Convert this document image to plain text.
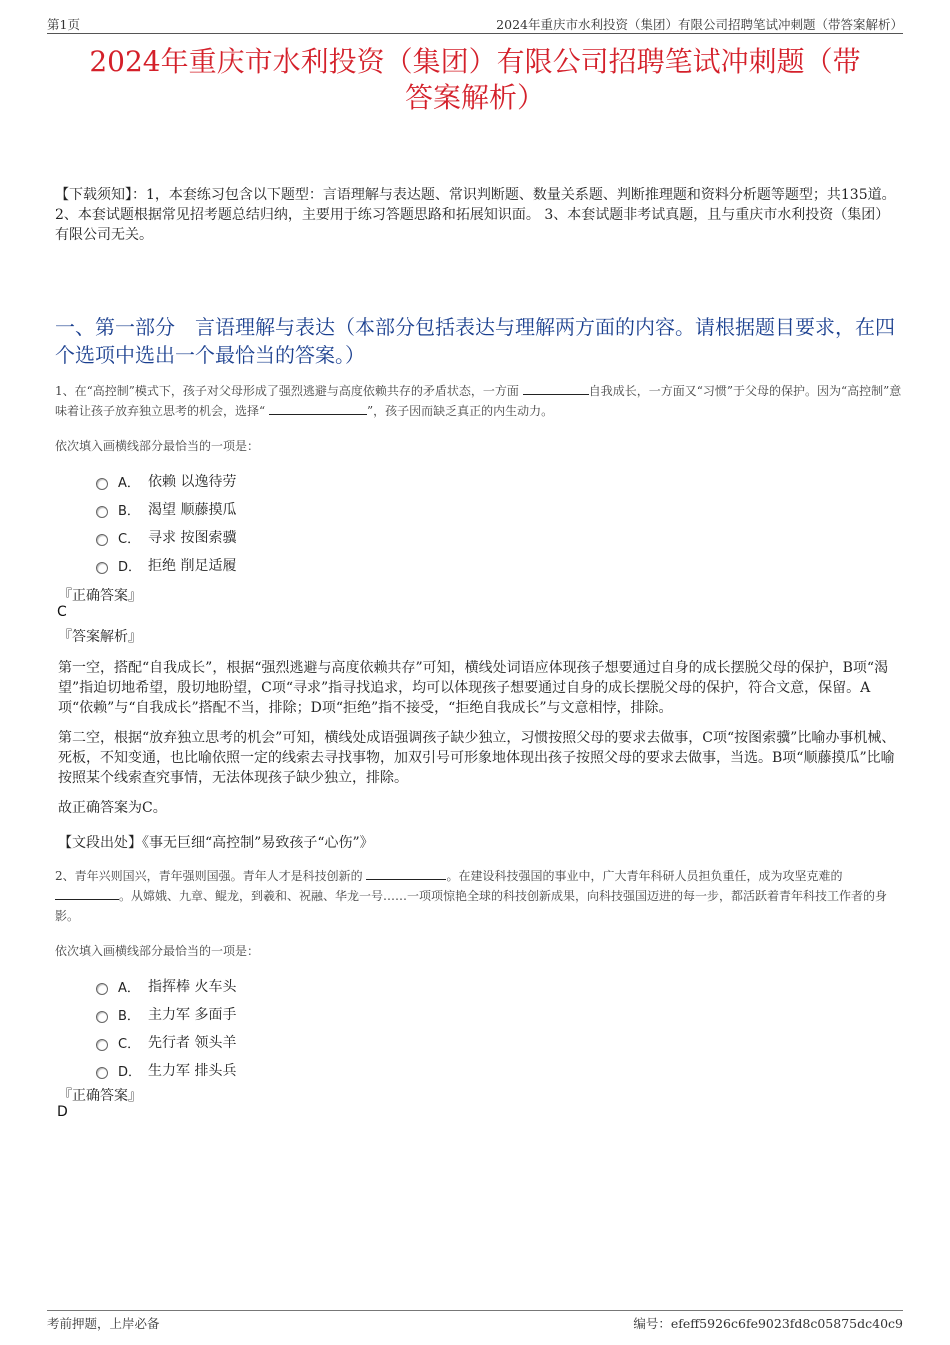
第1页	2024年重庆市水利投资（集团）有限公司招聘笔试冲刺题（带答案解析）
2024年重庆市水利投资（集团）有限公司招聘笔试冲刺题（带
答案解析）
【下载须知】：1，本套练习包含以下题型：言语理解与表达题、常识判断题、数量关系题、判断推理题和资料分析题等题型；共135道。 2、本套试题根据常见招考题总结归纳，主要用于练习答题思路和拓展知识面。 3、本套试题非考试真题，且与重庆市水利投资（集团）有限公司无关。
一、第一部分　言语理解与表达（本部分包括表达与理解两方面的内容。请根据题目要求，在四个选项中选出一个最恰当的答案。）
1、在“高控制”模式下，孩子对父母形成了强烈逃避与高度依赖共存的矛盾状态，一方面	自我成长，一方面又“习惯”于父母的保护。因为“高控制”意味着让孩子放弃独立思考的机会，选择“	”，孩子因而缺乏真正的内生动力。
依次填入画横线部分最恰当的一项是：
A． 依赖 以逸待劳
B． 渴望 顺藤摸瓜
C． 寻求 按图索骥
D． 拒绝 削足适履
『正确答案』
C
『答案解析』
第一空，搭配“自我成长”，根据“强烈逃避与高度依赖共存”可知，横线处词语应体现孩子想要通过自身的成长摆脱父母的保护，B项“渴望”指迫切地希望，殷切地盼望，C项“寻求”指寻找追求，均可以体现孩子想要通过自身的成长摆脱父母的保护，符合文意，保留。A项“依赖”与“自我成长”搭配不当，排除；D项“拒绝”指不接受，“拒绝自我成长”与文意相悖，排除。
第二空，根据“放弃独立思考的机会”可知，横线处成语强调孩子缺少独立，习惯按照父母的要求去做事，C项“按图索骥”比喻办事机械、死板，不知变通，也比喻依照一定的线索去寻找事物，加双引号可形象地体现出孩子按照父母的要求去做事，当选。B项“顺藤摸瓜”比喻按照某个线索查究事情，无法体现孩子缺少独立，排除。
故正确答案为C。
【文段出处】《事无巨细“高控制”易致孩子“心伤”》
2、青年兴则国兴，青年强则国强。青年人才是科技创新的	。在建设科技强国的事业中，广大青年科研人员担负重任，成为攻坚克难的 。从嫦娥、九章、鲲龙，到羲和、祝融、华龙一号……一项项惊艳全球的科技创新成果，向科技强国迈进的每一步，都活跃着青年科技工作者的身影。
依次填入画横线部分最恰当的一项是：
A． 指挥棒 火车头
B． 主力军 多面手
C． 先行者 领头羊
D． 生力军 排头兵
『正确答案』
D
考前押题，上岸必备	编号：efeff5926c6fe9023fd8c05875dc40c9
